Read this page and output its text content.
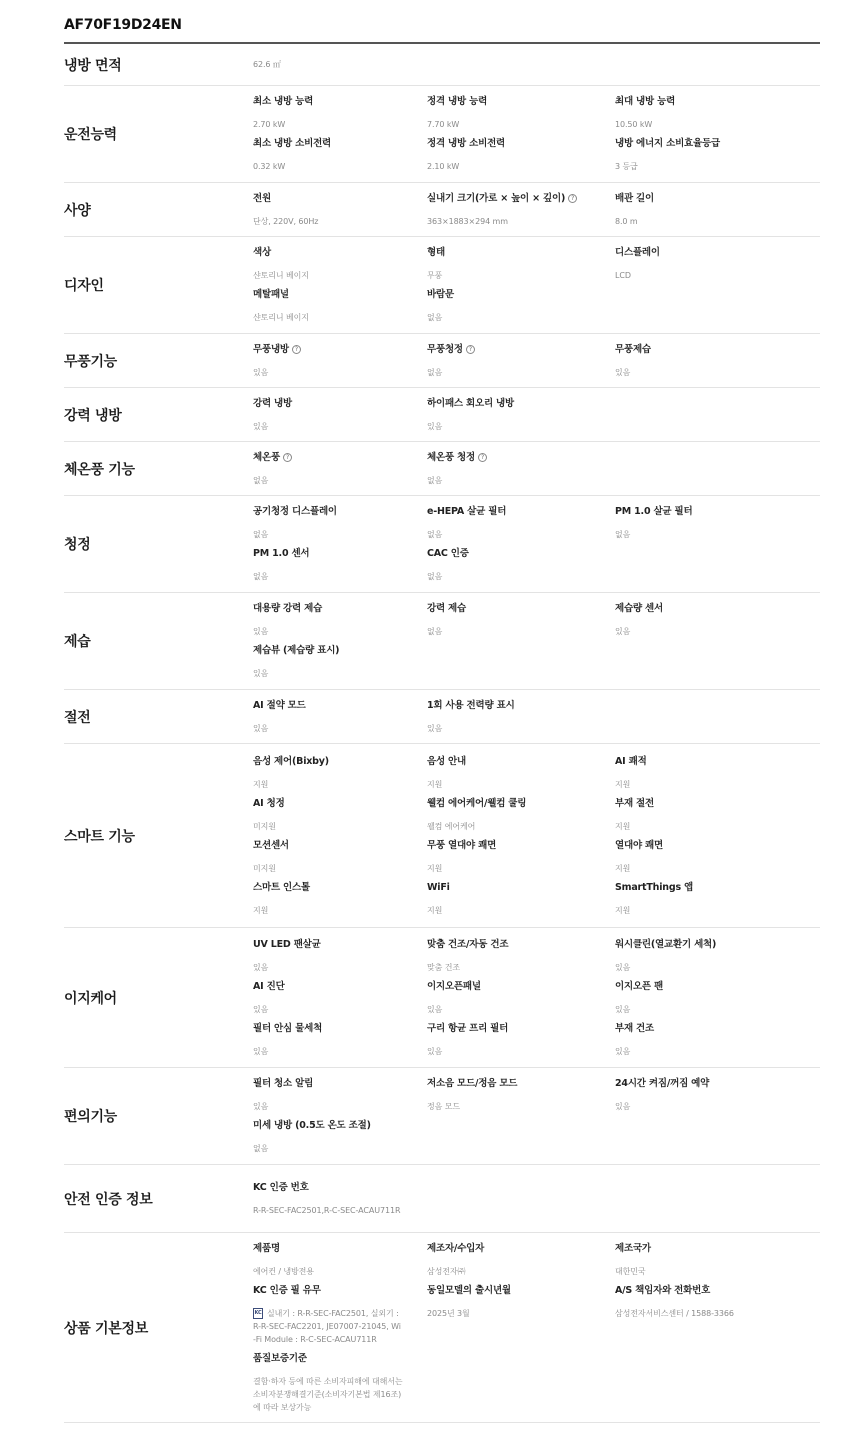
AF70F19D24EN
냉방 면적	62.6 ㎡
운전능력
최소 냉방 능력
2.70 kW
정격 냉방 능력
7.70 kW
최대 냉방 능력
10.50 kW
최소 냉방 소비전력
0.32 kW
정격 냉방 소비전력
2.10 kW
냉방 에너지 소비효율등급
3 등급
사양
전원
단상, 220V, 60Hz
실내기 크기(가로 × 높이 × 깊이) ?
363×1883×294 mm
배관 길이
8.0 m
디자인
색상
샨토리니 베이지
형태
무풍
디스플레이
LCD
메탈패널
샨토리니 베이지
바람문
없음
무풍기능
무풍냉방 ?
있음
무풍청정 ?
없음
무풍제습
있음
강력 냉방
강력 냉방
있음
하이패스 회오리 냉방
있음
체온풍 기능
체온풍 ?
없음
체온풍 청정 ?
없음
청정
공기청정 디스플레이
없음
e-HEPA 살균 필터
없음
PM 1.0 살균 필터
없음
PM 1.0 센서
없음
CAC 인증
없음
제습
대용량 강력 제습
있음
강력 제습
없음
제습량 센서
있음
제습뷰 (제습량 표시)
있음
절전
AI 절약 모드
있음
1회 사용 전력량 표시
있음
스마트 기능
음성 제어(Bixby)
지원
음성 안내
지원
AI 쾌적
지원
AI 청정
미지원
웰컴 에어케어/웰컴 쿨링
웰컴 에어케어
부재 절전
지원
모션센서
미지원
무풍 열대야 쾌면
지원
열대야 쾌면
지원
스마트 인스톨
지원
WiFi
지원
SmartThings 앱
지원
이지케어
UV LED 팬살균
있음
맞춤 건조/자동 건조
맞춤 건조
워시클린(열교환기 세척)
있음
AI 진단
있음
이지오픈패널
있음
이지오픈 팬
있음
필터 안심 물세척
있음
구리 항균 프리 필터
있음
부재 건조
있음
편의기능
필터 청소 알림
있음
저소음 모드/정음 모드
정음 모드
24시간 켜짐/꺼짐 예약
있음
미세 냉방 (0.5도 온도 조절)
없음
안전 인증 정보
KC 인증 번호
R-R-SEC-FAC2501,R-C-SEC-ACAU711R
상품 기본정보
제품명
에어컨 / 냉방전용
제조자/수입자
삼성전자㈜
제조국가
대한민국
KC 인증 필 유무
KC 실내기 : R-R-SEC-FAC2501, 실외기 : R-R-SEC-FAC2201, JE07007-21045, Wi-Fi Module : R-C-SEC-ACAU711R
동일모델의 출시년월
2025년 3월
A/S 책임자와 전화번호
삼성전자서비스센터 / 1588-3366
품질보증기준
결함·하자 등에 따른 소비자피해에 대해서는 소비자분쟁해결기준(소비자기본법 제16조)에 따라 보상가능
